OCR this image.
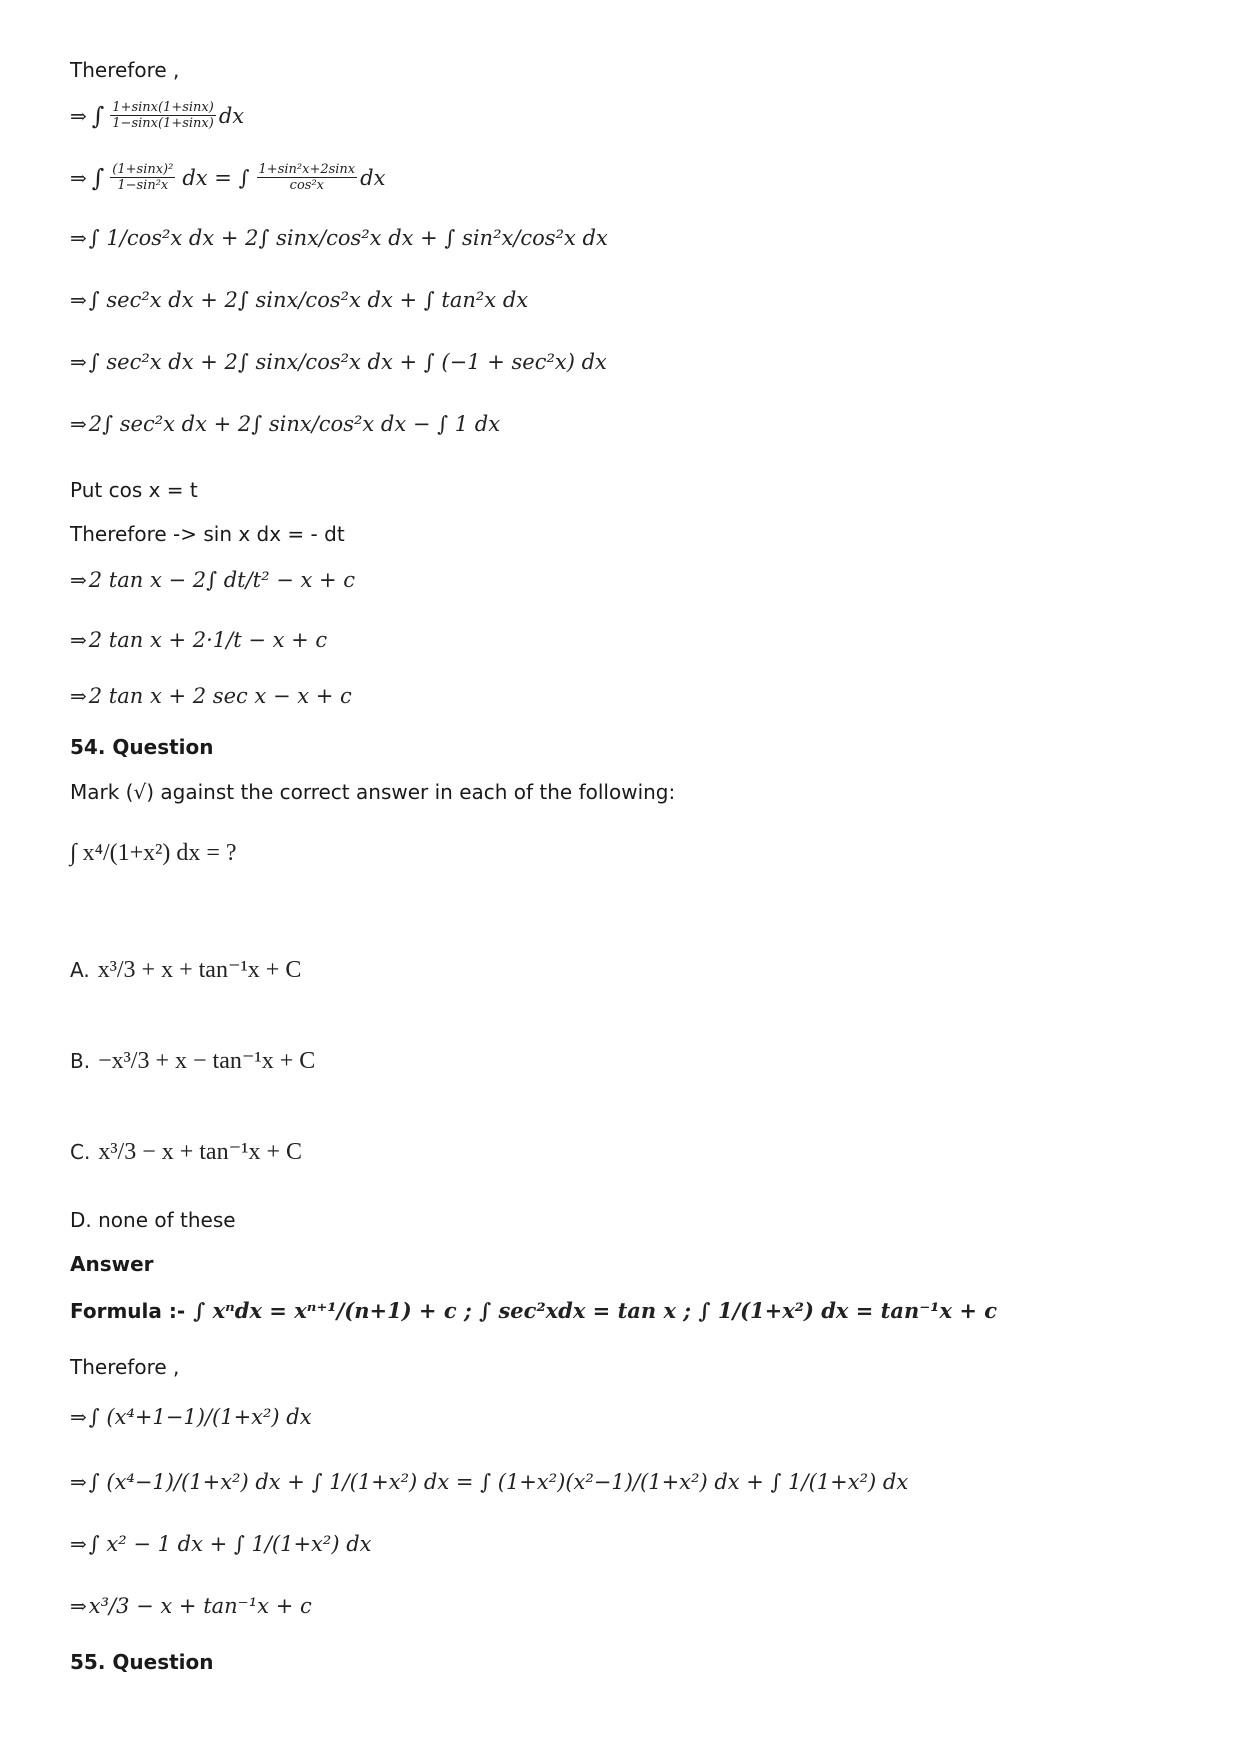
Therefore ,
⇒ ∫ 1+sinx(1+sinx)
1−sinx(1+sinx) dx
⇒ ∫ (1+sinx)²
1−sin²x dx = ∫ 1+sin²x+2sinx
cos²x dx
⇒ ∫ 1/cos²x dx + 2∫ sinx/cos²x dx + ∫ sin²x/cos²x dx
⇒ ∫ sec²x dx + 2∫ sinx/cos²x dx + ∫ tan²x dx
⇒ ∫ sec²x dx + 2∫ sinx/cos²x dx + ∫ (−1 + sec²x) dx
⇒ 2∫ sec²x dx + 2∫ sinx/cos²x dx − ∫ 1 dx
Put cos x = t
Therefore -> sin x dx = - dt
⇒ 2 tan x − 2∫ dt/t² − x + c
⇒ 2 tan x + 2·1/t − x + c
⇒ 2 tan x + 2 sec x − x + c
54. Question
Mark (√) against the correct answer in each of the following:
∫ x⁴/(1+x²) dx = ?
A. x³/3 + x + tan⁻¹x + C
B. −x³/3 + x − tan⁻¹x + C
C. x³/3 − x + tan⁻¹x + C
D. none of these
Answer
Formula :- ∫ xⁿdx = xⁿ⁺¹/(n+1) + c ; ∫ sec²xdx = tan x ; ∫ 1/(1+x²) dx = tan⁻¹x + c
Therefore ,
⇒ ∫ (x⁴+1−1)/(1+x²) dx
⇒ ∫ (x⁴−1)/(1+x²) dx + ∫ 1/(1+x²) dx = ∫ (1+x²)(x²−1)/(1+x²) dx + ∫ 1/(1+x²) dx
⇒ ∫ x² − 1 dx + ∫ 1/(1+x²) dx
⇒ x³/3 − x + tan⁻¹x + c
55. Question
